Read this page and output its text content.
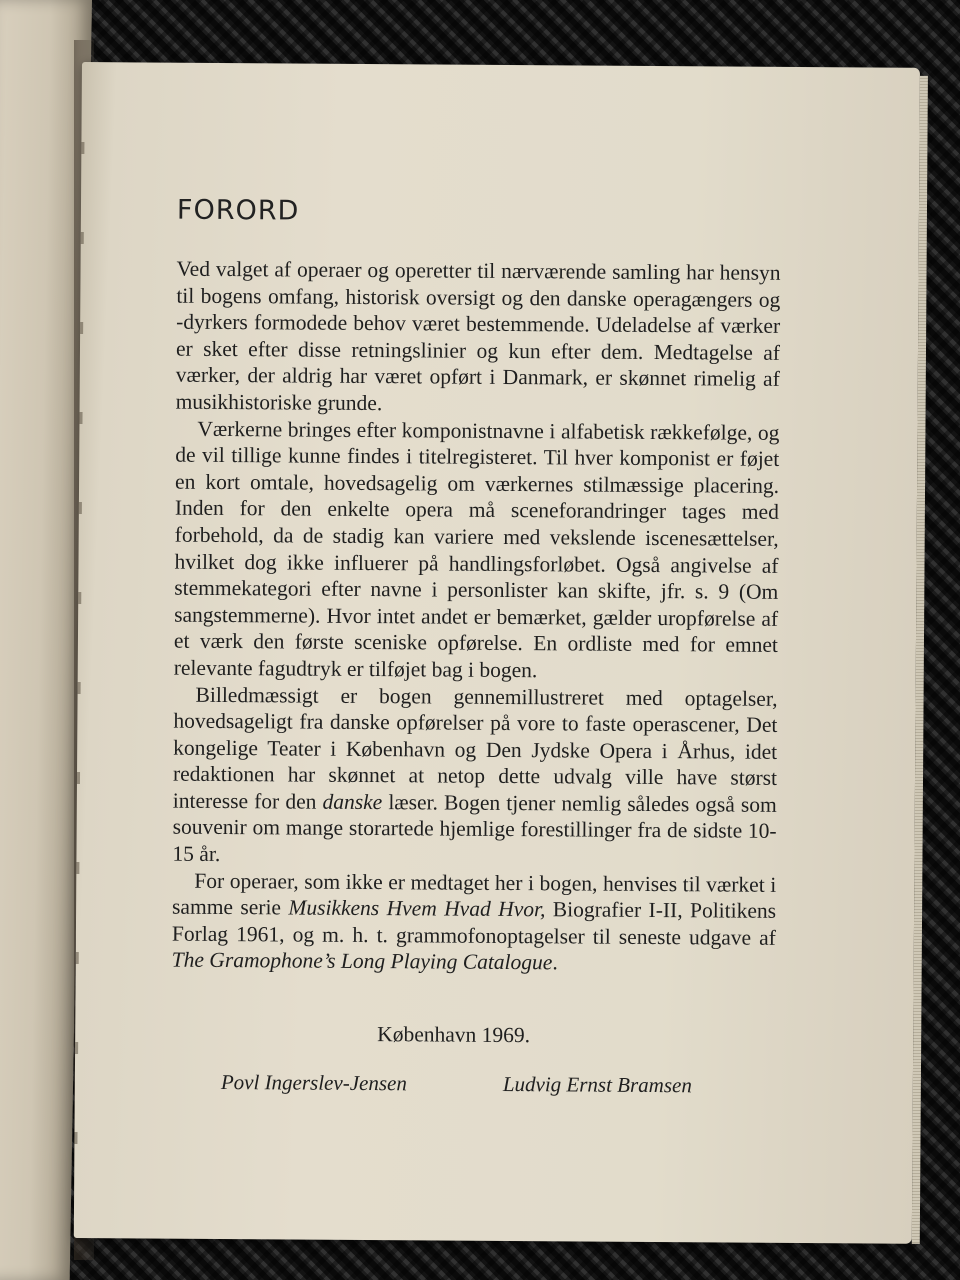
FORORD

Ved valget af operaer og operetter til nærværende samling har hensyn til bogens omfang, historisk oversigt og den danske operagængers og -dyrkers formodede behov været bestemmende. Udeladelse af værker er sket efter disse retningslinier og kun efter dem. Medtagelse af værker, der aldrig har været opført i Danmark, er skønnet rimelig af musikhistoriske grunde.

Værkerne bringes efter komponistnavne i alfabetisk rækkefølge, og de vil tillige kunne findes i titelregisteret. Til hver komponist er føjet en kort omtale, hovedsagelig om værkernes stilmæssige placering. Inden for den enkelte opera må sceneforandringer tages med forbehold, da de stadig kan variere med vekslende iscenesættelser, hvilket dog ikke influerer på handlingsforløbet. Også angivelse af stemmekategori efter navne i personlister kan skifte, jfr. s. 9 (Om sangstemmerne). Hvor intet andet er bemærket, gælder uropførelse af et værk den første sceniske opførelse. En ordliste med for emnet relevante fagudtryk er tilføjet bag i bogen.

Billedmæssigt er bogen gennemillustreret med optagelser, hovedsageligt fra danske opførelser på vore to faste operascener, Det kongelige Teater i København og Den Jydske Opera i Århus, idet redaktionen har skønnet at netop dette udvalg ville have størst interesse for den danske læser. Bogen tjener nemlig således også som souvenir om mange storartede hjemlige forestillinger fra de sidste 10-15 år.

For operaer, som ikke er medtaget her i bogen, henvises til værket i samme serie Musikkens Hvem Hvad Hvor, Biografier I-II, Politikens Forlag 1961, og m. h. t. grammofonoptagelser til seneste udgave af The Gramophone’s Long Playing Catalogue.

København 1969.
Povl Ingerslev-Jensen	Ludvig Ernst Bramsen
